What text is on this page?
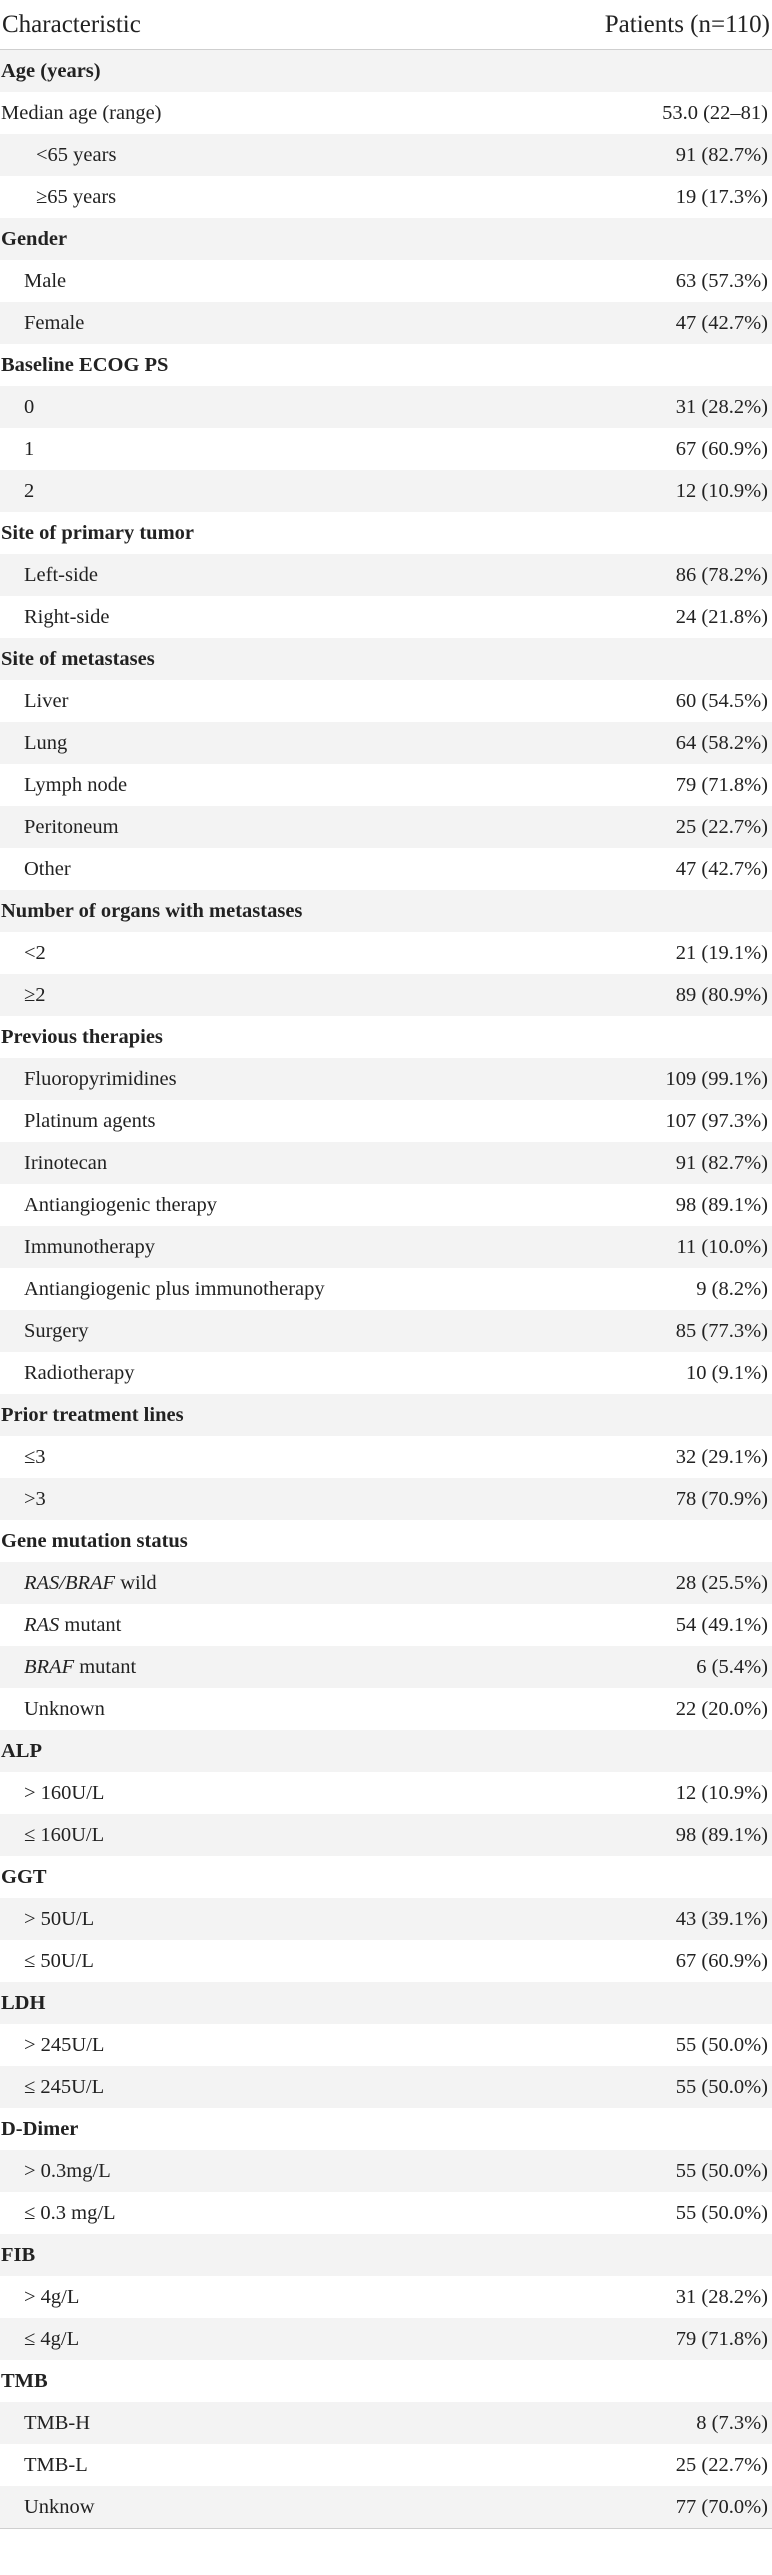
Characteristic	Patients (n=110)
Age (years)
Median age (range)	53.0 (22–81)
<65 years	91 (82.7%)
≥65 years	19 (17.3%)
Gender
Male	63 (57.3%)
Female	47 (42.7%)
Baseline ECOG PS
0	31 (28.2%)
1	67 (60.9%)
2	12 (10.9%)
Site of primary tumor
Left-side	86 (78.2%)
Right-side	24 (21.8%)
Site of metastases
Liver	60 (54.5%)
Lung	64 (58.2%)
Lymph node	79 (71.8%)
Peritoneum	25 (22.7%)
Other	47 (42.7%)
Number of organs with metastases
<2	21 (19.1%)
≥2	89 (80.9%)
Previous therapies
Fluoropyrimidines	109 (99.1%)
Platinum agents	107 (97.3%)
Irinotecan	91 (82.7%)
Antiangiogenic therapy	98 (89.1%)
Immunotherapy	11 (10.0%)
Antiangiogenic plus immunotherapy	9 (8.2%)
Surgery	85 (77.3%)
Radiotherapy	10 (9.1%)
Prior treatment lines
≤3	32 (29.1%)
>3	78 (70.9%)
Gene mutation status
RAS/BRAF wild	28 (25.5%)
RAS mutant	54 (49.1%)
BRAF mutant	6 (5.4%)
Unknown	22 (20.0%)
ALP
> 160U/L	12 (10.9%)
≤ 160U/L	98 (89.1%)
GGT
> 50U/L	43 (39.1%)
≤ 50U/L	67 (60.9%)
LDH
> 245U/L	55 (50.0%)
≤ 245U/L	55 (50.0%)
D-Dimer
> 0.3mg/L	55 (50.0%)
≤ 0.3 mg/L	55 (50.0%)
FIB
> 4g/L	31 (28.2%)
≤ 4g/L	79 (71.8%)
TMB
TMB-H	8 (7.3%)
TMB-L	25 (22.7%)
Unknow	77 (70.0%)
